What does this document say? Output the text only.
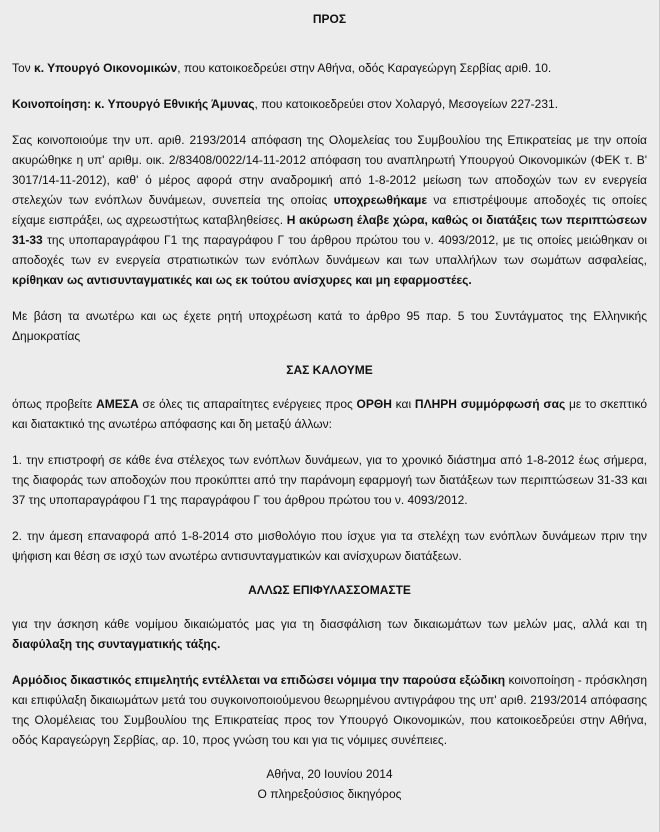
ΠΡΟΣ

Τον κ. Υπουργό Οικονομικών, που κατοικοεδρεύει στην Αθήνα, οδός Καραγεώργη Σερβίας αριθ. 10.

Κοινοποίηση: κ. Υπουργό Εθνικής Άμυνας, που κατοικοεδρεύει στον Χολαργό, Μεσογείων 227-231.

Σας κοινοποιούμε την υπ. αριθ. 2193/2014 απόφαση της Ολομελείας του Συμβουλίου της Επικρατείας με την οποία ακυρώθηκε η υπ' αριθμ. οικ. 2/83408/0022/14-11-2012 απόφαση του αναπληρωτή Υπουργού Οικονομικών (ΦΕΚ τ. Β' 3017/14-11-2012), καθ' ό μέρος αφορά στην αναδρομική από 1-8-2012 μείωση των αποδοχών των εν ενεργεία στελεχών των ενόπλων δυνάμεων, συνεπεία της οποίας υποχρεωθήκαμε να επιστρέψουμε αποδοχές τις οποίες είχαμε εισπράξει, ως αχρεωστήτως καταβληθείσες. Η ακύρωση έλαβε χώρα, καθώς οι διατάξεις των περιπτώσεων 31-33 της υποπαραγράφου Γ1 της παραγράφου Γ του άρθρου πρώτου του ν. 4093/2012, με τις οποίες μειώθηκαν οι αποδοχές των εν ενεργεία στρατιωτικών των ενόπλων δυνάμεων και των υπαλλήλων των σωμάτων ασφαλείας, κρίθηκαν ως αντισυνταγματικές και ως εκ τούτου ανίσχυρες και μη εφαρμοστέες.

Με βάση τα ανωτέρω και ως έχετε ρητή υποχρέωση κατά το άρθρο 95 παρ. 5 του Συντάγματος της Ελληνικής Δημοκρατίας

ΣΑΣ ΚΑΛΟΥΜΕ

όπως προβείτε ΑΜΕΣΑ σε όλες τις απαραίτητες ενέργειες προς ΟΡΘΗ και ΠΛΗΡΗ συμμόρφωσή σας με το σκεπτικό και διατακτικό της ανωτέρω απόφασης και δη μεταξύ άλλων:

1. την επιστροφή σε κάθε ένα στέλεχος των ενόπλων δυνάμεων, για το χρονικό διάστημα από 1-8-2012 έως σήμερα, της διαφοράς των αποδοχών που προκύπτει από την παράνομη εφαρμογή των διατάξεων των περιπτώσεων 31-33 και 37 της υποπαραγράφου Γ1 της παραγράφου Γ του άρθρου πρώτου του ν. 4093/2012.

2. την άμεση επαναφορά από 1-8-2014 στο μισθολόγιο που ίσχυε για τα στελέχη των ενόπλων δυνάμεων πριν την ψήφιση και θέση σε ισχύ των ανωτέρω αντισυνταγματικών και ανίσχυρων διατάξεων.

ΑΛΛΩΣ ΕΠΙΦΥΛΑΣΣΟΜΑΣΤΕ

για την άσκηση κάθε νομίμου δικαιώματός μας για τη διασφάλιση των δικαιωμάτων των μελών μας, αλλά και τη διαφύλαξη της συνταγματικής τάξης.

Αρμόδιος δικαστικός επιμελητής εντέλλεται να επιδώσει νόμιμα την παρούσα εξώδικη κοινοποίηση - πρόσκληση και επιφύλαξη δικαιωμάτων μετά του συγκοινοποιούμενου θεωρημένου αντιγράφου της υπ' αριθ. 2193/2014 απόφασης της Ολομέλειας του Συμβουλίου της Επικρατείας προς τον Υπουργό Οικονομικών, που κατοικοεδρεύει στην Αθήνα, οδός Καραγεώργη Σερβίας, αρ. 10, προς γνώση του και για τις νόμιμες συνέπειες.

Αθήνα, 20 Ιουνίου 2014

Ο πληρεξούσιος δικηγόρος
